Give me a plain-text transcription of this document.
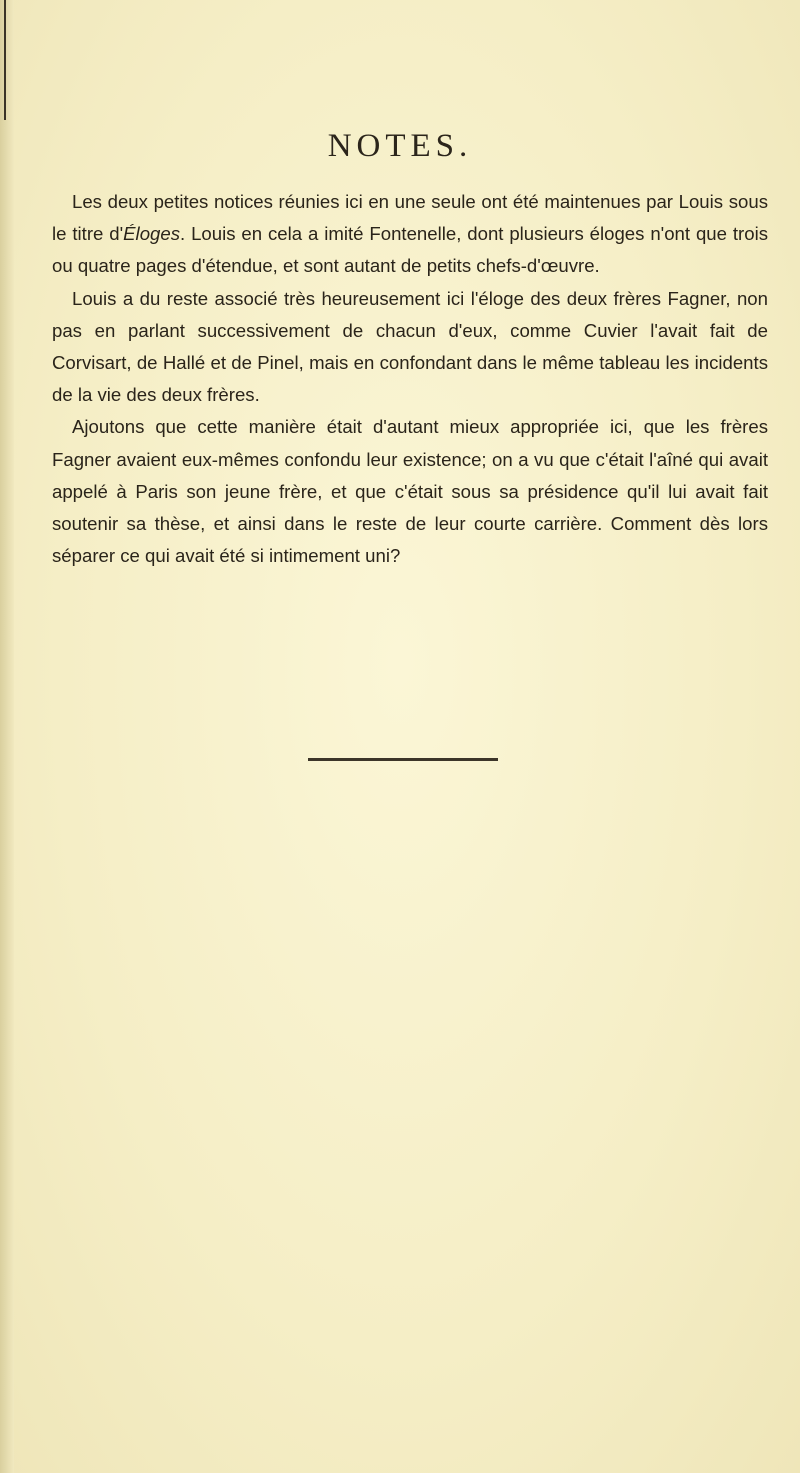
NOTES.

Les deux petites notices réunies ici en une seule ont été maintenues par Louis sous le titre d'Éloges. Louis en cela a imité Fontenelle, dont plusieurs éloges n'ont que trois ou quatre pages d'étendue, et sont autant de petits chefs-d'œuvre.

Louis a du reste associé très heureusement ici l'éloge des deux frères Fagner, non pas en parlant successivement de chacun d'eux, comme Cuvier l'avait fait de Corvisart, de Hallé et de Pinel, mais en confondant dans le même tableau les incidents de la vie des deux frères.

Ajoutons que cette manière était d'autant mieux appropriée ici, que les frères Fagner avaient eux-mêmes confondu leur existence; on a vu que c'était l'aîné qui avait appelé à Paris son jeune frère, et que c'était sous sa présidence qu'il lui avait fait soutenir sa thèse, et ainsi dans le reste de leur courte carrière. Comment dès lors séparer ce qui avait été si intimement uni?
